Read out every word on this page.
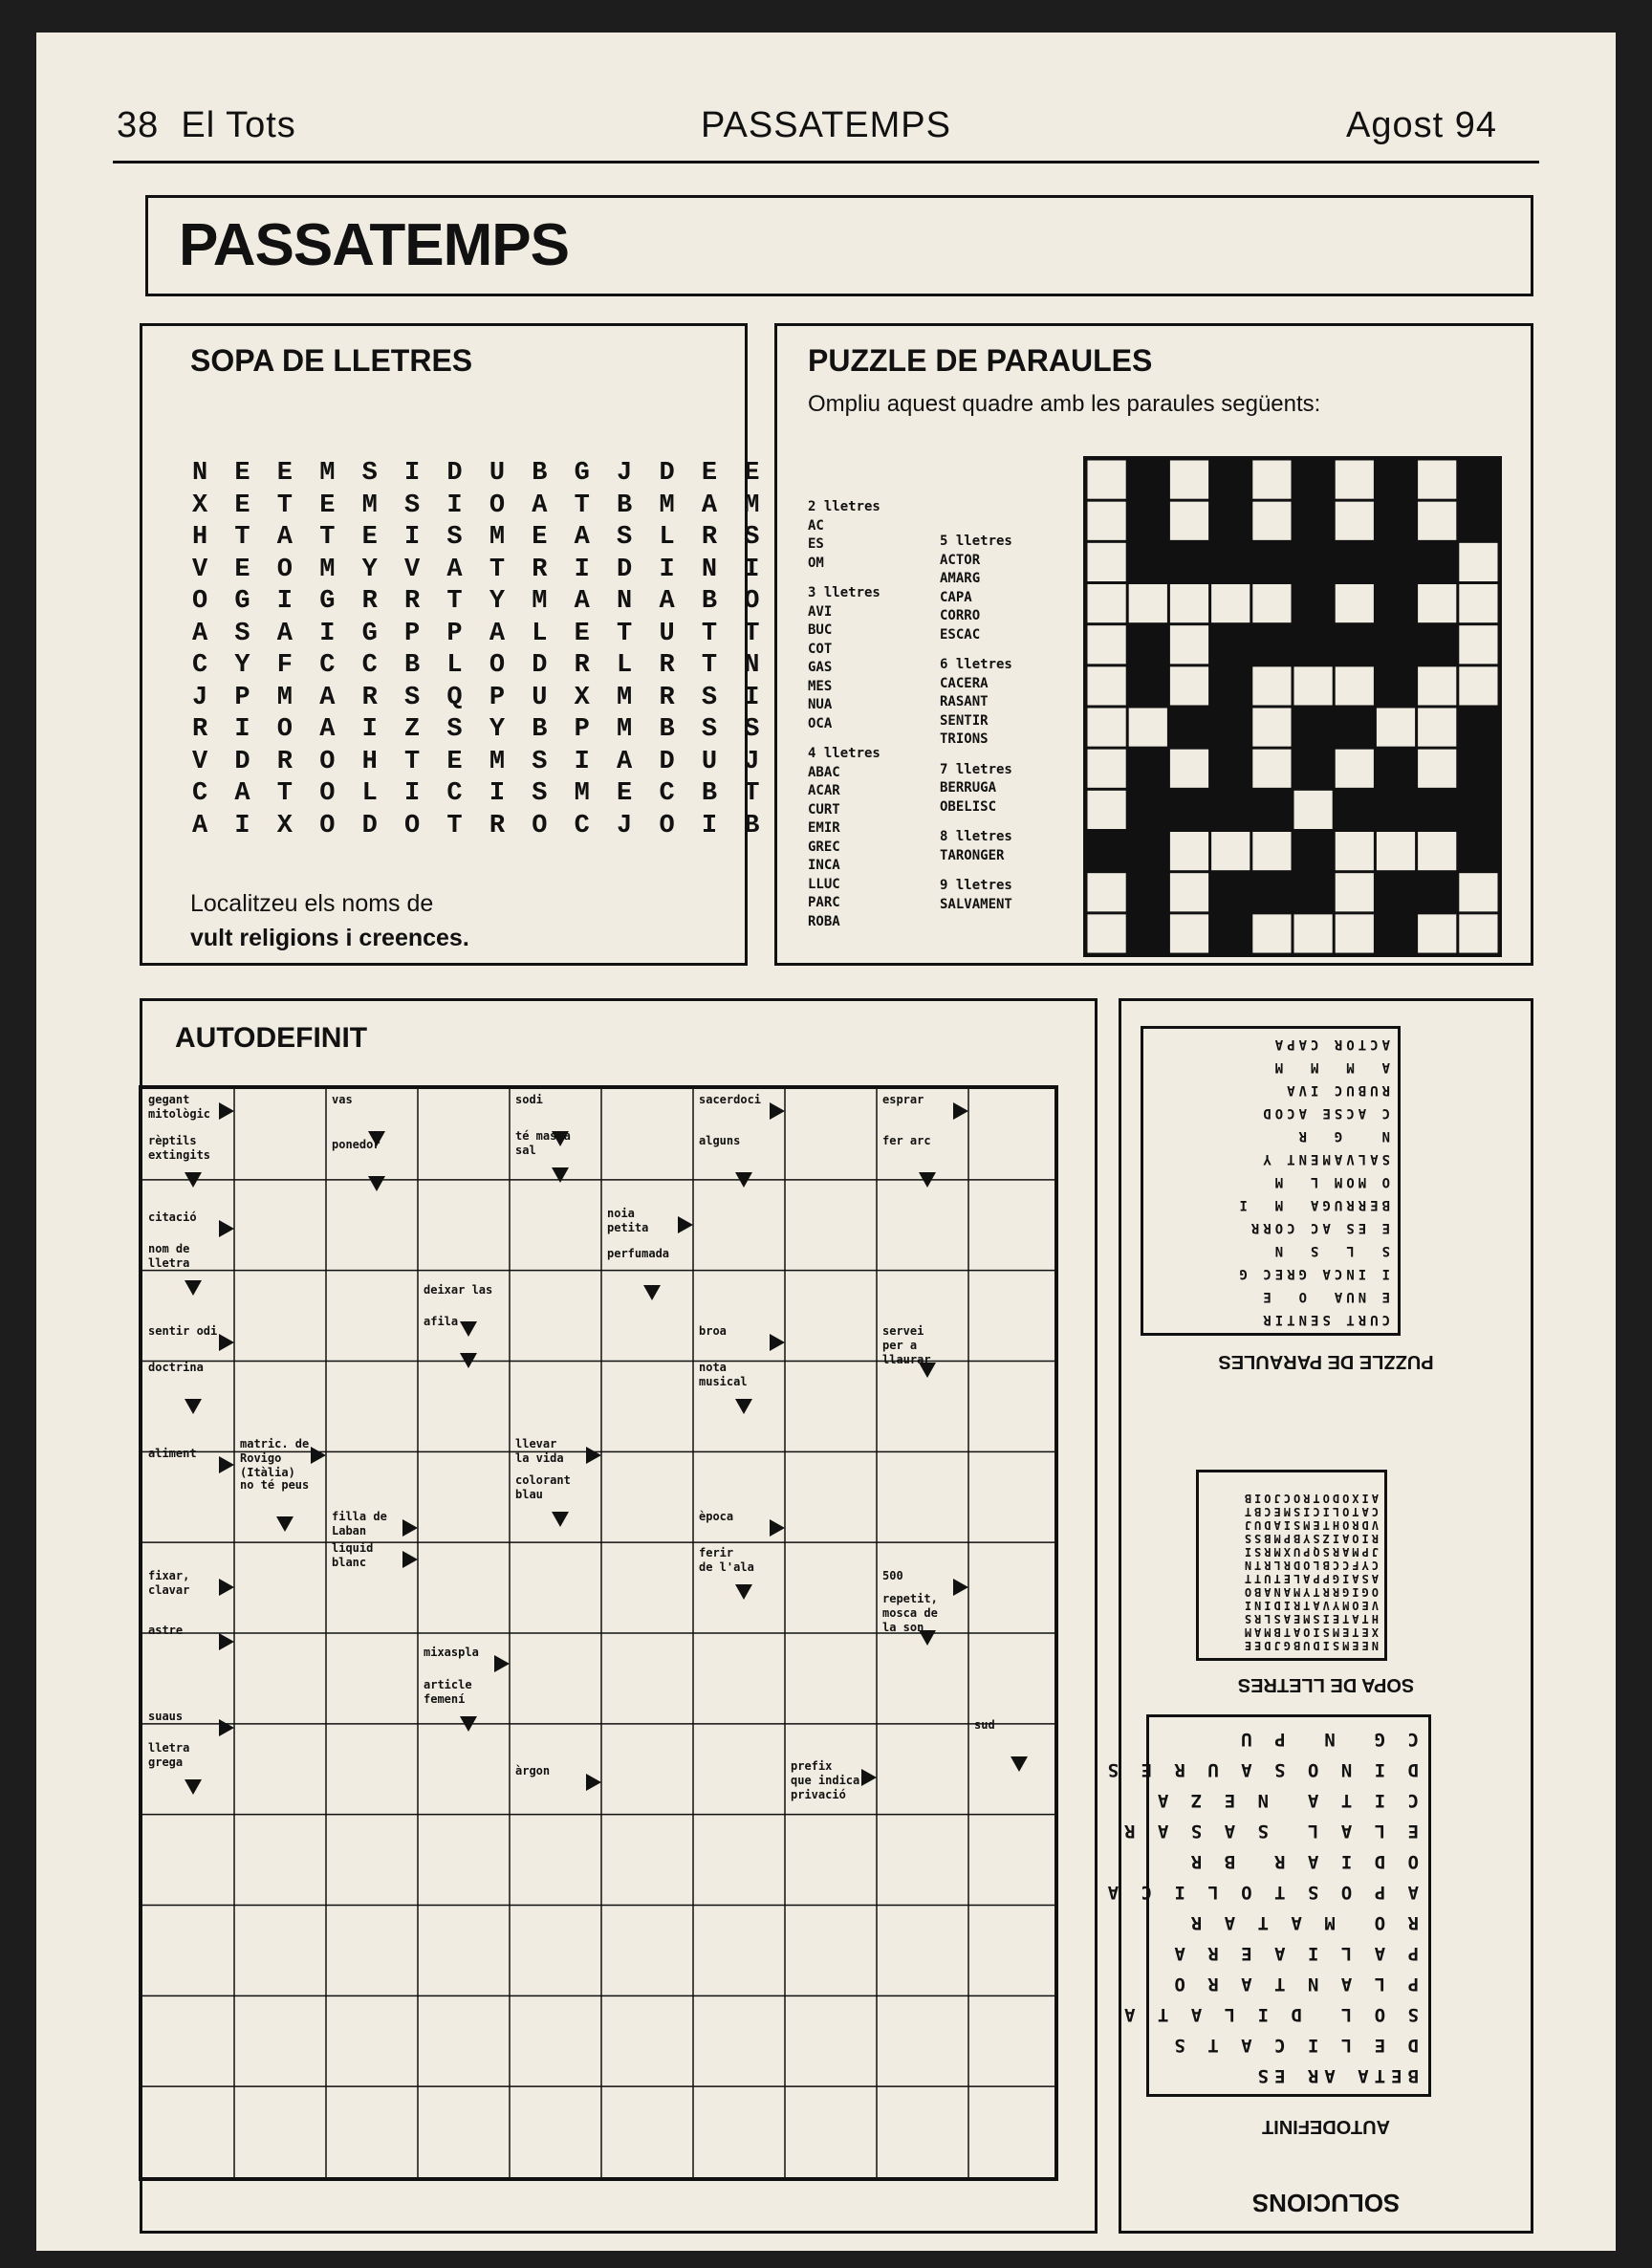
38 El Tots	PASSATEMPS	Agost 94
PASSATEMPS
SOPA DE LLETRES
N E E M S I D U B G J D E E
X E T E M S I O A T B M A M
H T A T E I S M E A S L R S
V E O M Y V A T R I D I N I
O G I G R R T Y M A N A B O
A S A I G P P A L E T U T T
C Y F C C B L O D R L R T N
J P M A R S Q P U X M R S I
R I O A I Z S Y B P M B S S
V D R O H T E M S I A D U J
C A T O L I C I S M E C B T
A I X O D O T R O C J O I B
Localitzeu els noms de
vult religions i creences.
PUZZLE DE PARAULES
Ompliu aquest quadre amb les paraules següents:
2 lletres
AC
ES
OM
3 lletres
AVI
BUC
COT
GAS
MES
NUA
OCA
4 lletres
ABAC
ACAR
CURT
EMIR
GREC
INCA
LLUC
PARC
ROBA
5 lletres
ACTOR
AMARG
CAPA
CORRO
ESCAC
6 lletres
CACERA
RASANT
SENTIR
TRIONS
7 lletres
BERRUGA
OBELISC
8 lletres
TARONGER
9 lletres
SALVAMENT
AUTODEFINIT
gegant
mitològic
rèptils
extingits
vas
ponedor
sodi
té massa
sal
sacerdoci
alguns
esprar
fer arc
citació
nom de
lletra
noia
petita
perfumada
deixar las
afila
sentir odi
doctrina
broa
nota
musical
servei
per a
llaurar
aliment
matric. de
Rovigo
(Itàlia)
no té peus
llevar
la vida
colorant
blau
filla de
Laban
líquid
blanc
època
ferir
de l'ala
fixar,
clavar
500
repetit,
mosca de
la son
astre
mixaspla
article
femení
suaus
lletra
grega
sud
àrgon	prefix
que indica
privació
SOLUCIONS
AUTODEFINIT
BETA AR ES
D E L I C A T S
S O L  D I L A T A
P L A N T A R O
P A L I A E R A
R O  M A T A R
A P O S T O L I C A
O D I A R  B R
E L A L  S A S A R
C I T A  N E Z A
D I N O S A U R E S
C G  N  P U
SOPA DE LLETRES
NEEMSIDUBGJDEE
XETEMSIOATBMAM
HTATEISMEASLRS
VEOMYVATRIDINI
OGIGRRTYMANABO
ASAIGPPALETUTT
CYFCCBLODRLRTN
JPMARSQPUXMRSI
RIOAIZSYBPMBSS
VDROHTEMSIADUJ
CATOLICISMECBT
AIXODOTROCJOIB
PUZZLE DE PARAULES
CURT SENTIR
E NUA  O  E
I INCA GREC G
S  L  S  N
E ES AC CORR
BERRUGA  M  I
O MOM L  M
SALVAMENT Y
N   G  R
C ACSE ACOD
RUBUC IVA
A  M  M  M
ACTOR CAPA
